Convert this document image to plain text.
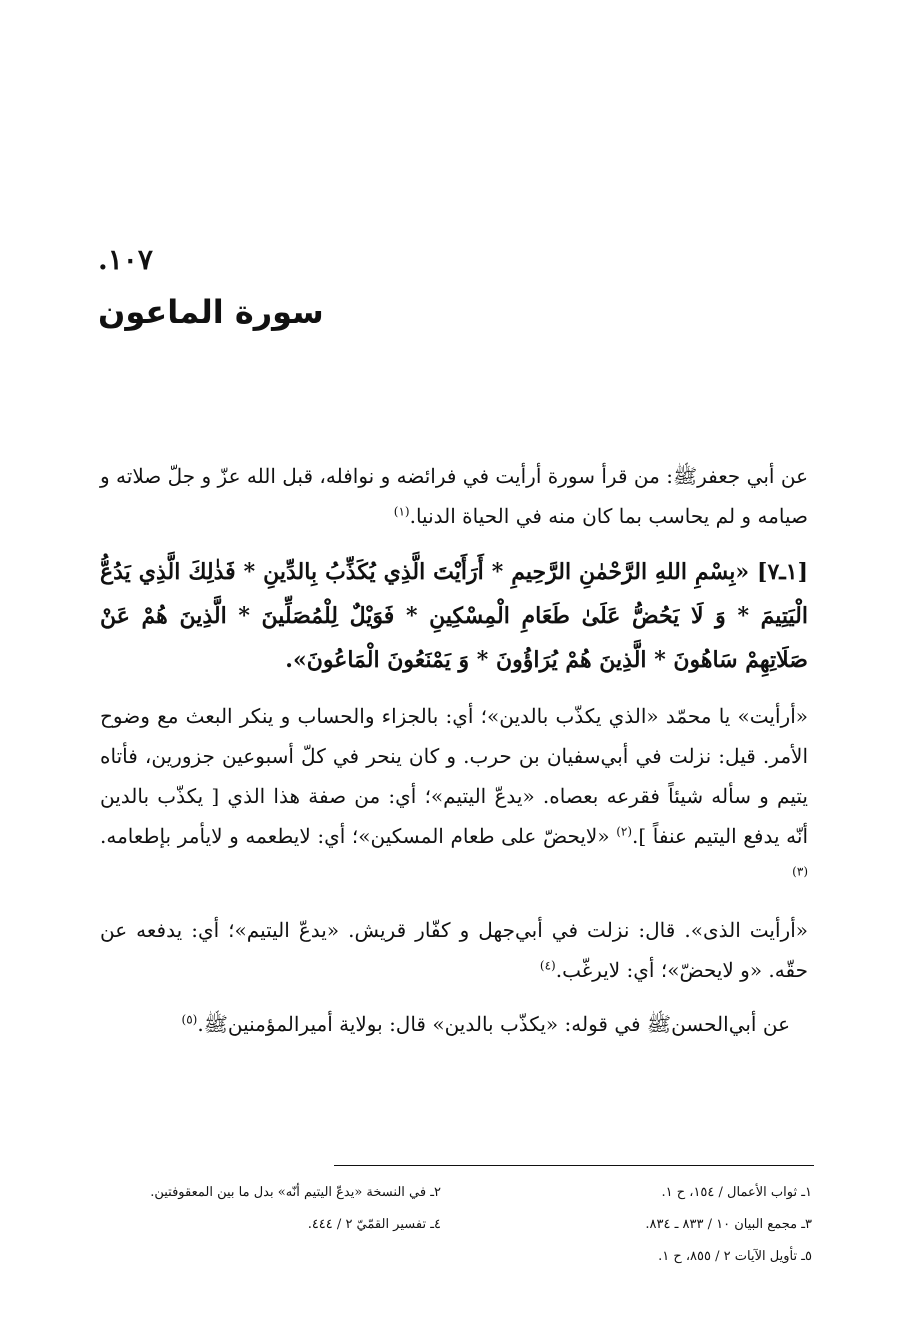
١٠٧.
سورة الماعون

عن أبي جعفرﷺ: من قرأ سورة أرأيت في فرائضه و نوافله، قبل الله عزّ و جلّ صلاته و صيامه و لم يحاسب بما كان منه في الحياة الدنيا.$^{(١)}$

[١ـ٧] «بِسْمِ اللهِ الرَّحْمٰنِ الرَّحِيمِ * أَرَأَيْتَ الَّذِي يُكَذِّبُ بِالدِّينِ * فَذٰلِكَ الَّذِي يَدُعُّ الْيَتِيمَ * وَ لَا يَحُضُّ عَلَىٰ طَعَامِ الْمِسْكِينِ * فَوَيْلٌ لِلْمُصَلِّينَ * الَّذِينَ هُمْ عَنْ صَلَاتِهِمْ سَاهُونَ * الَّذِينَ هُمْ يُرَاؤُونَ * وَ يَمْنَعُونَ الْمَاعُونَ».

«أرأيت» يا محمّد «الذي يكذّب بالدين»؛ أي: بالجزاء والحساب و ينكر البعث مع وضوح الأمر. قيل: نزلت في أبي‌سفيان بن حرب. و كان ينحر في كلّ أسبوعين جزورين، فأتاه يتيم و سأله شيئاً فقرعه بعصاه. «يدعّ اليتيم»؛ أي: من صفة هذا الذي [ يكذّب بالدين أنّه يدفع اليتيم عنفاً ].$^{(٢)}$ «لايحضّ على طعام المسكين»؛ أي: لايطعمه و لايأمر بإطعامه.$^{(٣)}$

«أرأيت الذى». قال: نزلت في أبي‌جهل و كفّار قريش. «يدعّ اليتيم»؛ أي: يدفعه عن حقّه. «و لايحضّ»؛ أي: لايرغّب.$^{(٤)}$

عن أبي‌الحسنﷺ في قوله: «يكذّب بالدين» قال: بولاية أميرالمؤمنينﷺ.$^{(٥)}$

١ـ ثواب الأعمال / ١٥٤، ح ١.
٢ـ في النسخة «يدعّ اليتيم أنّه» بدل ما بين المعقوفتين.
٣ـ مجمع البيان ١٠ / ٨٣٣ ـ ٨٣٤.
٤ـ تفسير القمّيّ ٢ / ٤٤٤.
٥ـ تأويل الآيات ٢ / ٨٥٥، ح ١.
